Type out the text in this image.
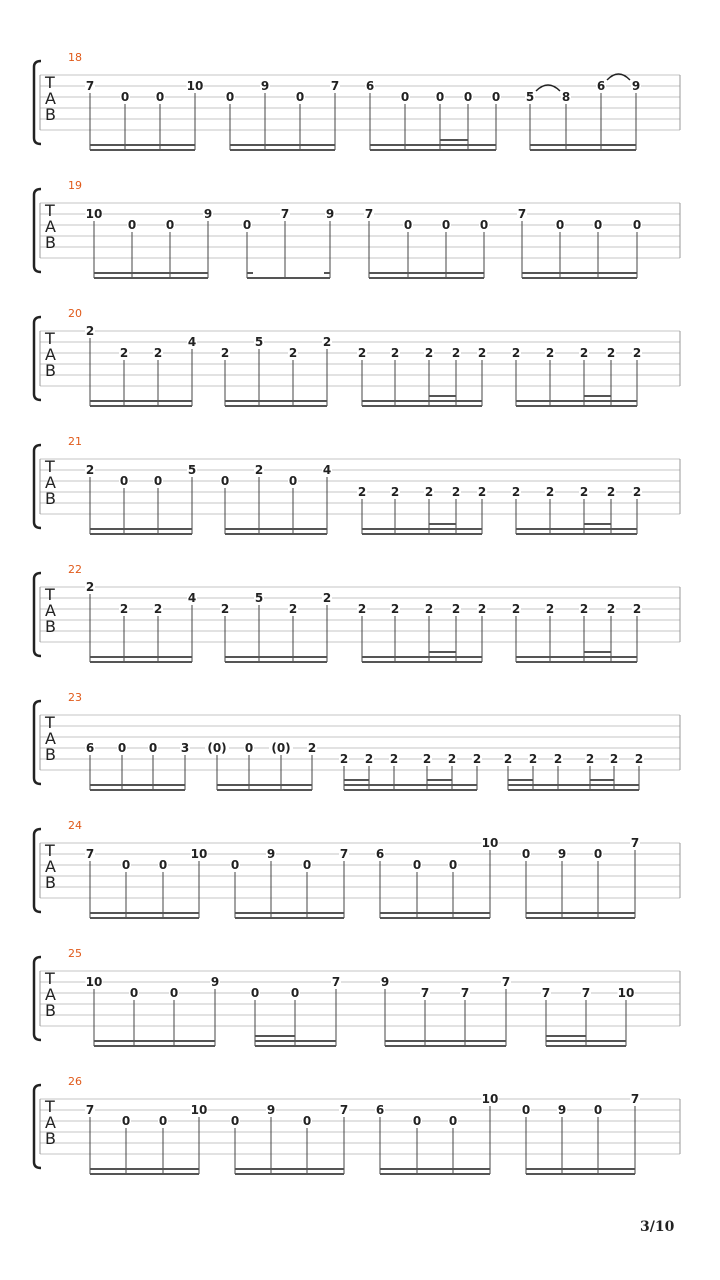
18
T
A
B
7
0 0
10
0
9
0
7 6
0 0 0 0 5 8
6 9
19
T
A
B
10
0 0
9
0
7	9	7
0 0 0
7
0 0	0
20
T
A
B
2
2 2
4
2
5
2
2
2 2 2 2 2 2 2 2 2 2
21
T
A
B
2
0 0
5
0
2
0
4
2 2 2 2 2 2 2 2 2 2
22
T
A
B
2
2 2
4
2
5
2
2
2 2 2 2 2 2 2 2 2 2
23
T
A
B 6 0 0 3 (0) 0 (0) 2
2 2 2 2 2 2 2 2 2 2 2 2
24
T
A
B
7
0 0
10
0
9
0
7 6
0 0
10
0 9 0
7
25
T
A
B
10
0	0
9
0	0
7	9
7	7
7
7	7 10
26
T
A
B
7
0 0
10
0
9
0
7 6
0 0
10
0 9 0
7
3/10
